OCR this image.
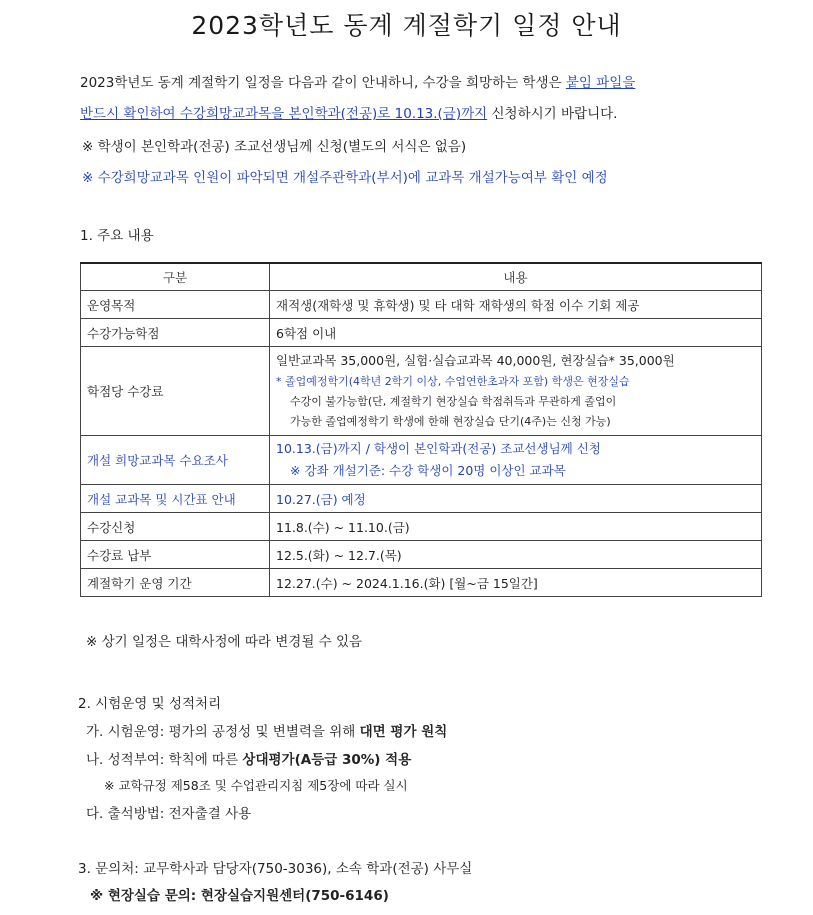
2023학년도 동계 계절학기 일정 안내
2023학년도 동계 계절학기 일정을 다음과 같이 안내하니, 수강을 희망하는 학생은 붙임 파일을
반드시 확인하여 수강희망교과목을 본인학과(전공)로 10.13.(금)까지 신청하시기 바랍니다.
※ 학생이 본인학과(전공) 조교선생님께 신청(별도의 서식은 없음)
※ 수강희망교과목 인원이 파악되면 개설주관학과(부서)에 교과목 개설가능여부 확인 예정
1. 주요 내용
구분	내용
운영목적	재적생(재학생 및 휴학생) 및 타 대학 재학생의 학점 이수 기회 제공
수강가능학점	6학점 이내
학점당 수강료	일반교과목 35,000원, 실험·실습교과목 40,000원, 현장실습* 35,000원
* 졸업예정학기(4학년 2학기 이상, 수업연한초과자 포함) 학생은 현장실습
수강이 불가능함(단, 계절학기 현장실습 학점취득과 무관하게 졸업이
가능한 졸업예정학기 학생에 한해 현장실습 단기(4주)는 신청 가능)

개설 희망교과목 수요조사	10.13.(금)까지 / 학생이 본인학과(전공) 조교선생님께 신청
※ 강좌 개설기준: 수강 학생이 20명 이상인 교과목

개설 교과목 및 시간표 안내	10.27.(금) 예정
수강신청	11.8.(수) ~ 11.10.(금)
수강료 납부	12.5.(화) ~ 12.7.(목)
계절학기 운영 기간	12.27.(수) ~ 2024.1.16.(화) [월~금 15일간]
※ 상기 일정은 대학사정에 따라 변경될 수 있음
2. 시험운영 및 성적처리
가. 시험운영: 평가의 공정성 및 변별력을 위해 대면 평가 원칙
나. 성적부여: 학칙에 따른 상대평가(A등급 30%) 적용
※ 교학규정 제58조 및 수업관리지침 제5장에 따라 실시
다. 출석방법: 전자출결 사용
3. 문의처: 교무학사과 담당자(750-3036), 소속 학과(전공) 사무실
※ 현장실습 문의: 현장실습지원센터(750-6146)
